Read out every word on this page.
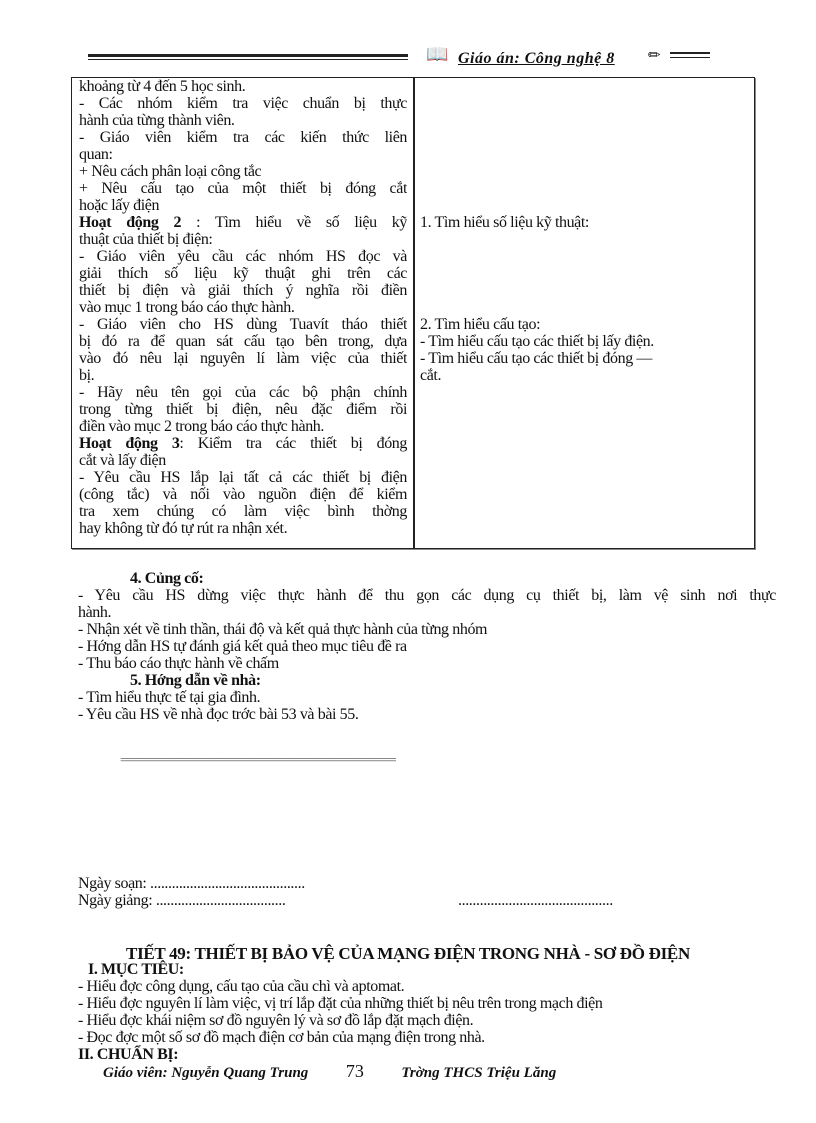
📖 Giáo án: Công nghệ 8 ✏
khoảng từ 4 đến 5 học sinh.
- Các nhóm kiểm tra việc chuẩn bị thực
hành của từng thành viên.
- Giáo viên kiểm tra các kiến thức liên
quan:
+ Nêu cách phân loại công tắc
+ Nêu cấu tạo của một thiết bị đóng cắt
hoặc lấy điện
Hoạt động 2 : Tìm hiểu về số liệu kỹ
thuật của thiết bị điện:
- Giáo viên yêu cầu các nhóm HS đọc và
giải thích số liệu kỹ thuật ghi trên các
thiết bị điện và giải thích ý nghĩa rồi điền
vào mục 1 trong báo cáo thực hành.
- Giáo viên cho HS dùng Tuavít tháo thiết
bị đó ra để quan sát cấu tạo bên trong, dựa
vào đó nêu lại nguyên lí làm việc của thiết
bị.
- Hãy nêu tên gọi của các bộ phận chính
trong từng thiết bị điện, nêu đặc điểm rồi
điền vào mục 2 trong báo cáo thực hành.
Hoạt động 3: Kiểm tra các thiết bị đóng
cắt và lấy điện
- Yêu cầu HS lắp lại tất cả các thiết bị điện
(công tắc) và nối vào nguồn điện để kiểm
tra xem chúng có làm việc bình thờng
hay không từ đó tự rút ra nhận xét.
1. Tìm hiểu số liệu kỹ thuật:
2. Tìm hiểu cấu tạo:
- Tìm hiểu cấu tạo các thiết bị lấy điện.
- Tìm hiểu cấu tạo các thiết bị đóng —
cắt.
4. Củng cố:
- Yêu cầu HS dừng việc thực hành để thu gọn các dụng cụ thiết bị, làm vệ sinh nơi thực
hành.
- Nhận xét về tinh thần, thái độ và kết quả thực hành của từng nhóm
- Hớng dẫn HS tự đánh giá kết quả theo mục tiêu đề ra
- Thu báo cáo thực hành về chấm
5. Hớng dẫn về nhà:
- Tìm hiểu thực tế tại gia đình.
- Yêu cầu HS về nhà đọc trớc bài 53 và bài 55.
================================================
Ngày soạn: ...........................................
Ngày giảng: ....................................	...........................................
TIẾT 49: THIẾT BỊ BẢO VỆ CỦA MẠNG ĐIỆN TRONG NHÀ - SƠ ĐỒ ĐIỆN
I. MỤC TIÊU:
- Hiểu đợc công dụng, cấu tạo của cầu chì và aptomat.
- Hiểu đợc nguyên lí làm việc, vị trí lắp đặt của những thiết bị nêu trên trong mạch điện
- Hiểu đợc khái niệm sơ đồ nguyên lý và sơ đồ lắp đặt mạch điện.
- Đọc đợc một số sơ đồ mạch điện cơ bản của mạng điện trong nhà.
II. CHUẨN BỊ:
Giáo viên: Nguyễn Quang Trung 73	Trờng THCS Triệu Lăng
